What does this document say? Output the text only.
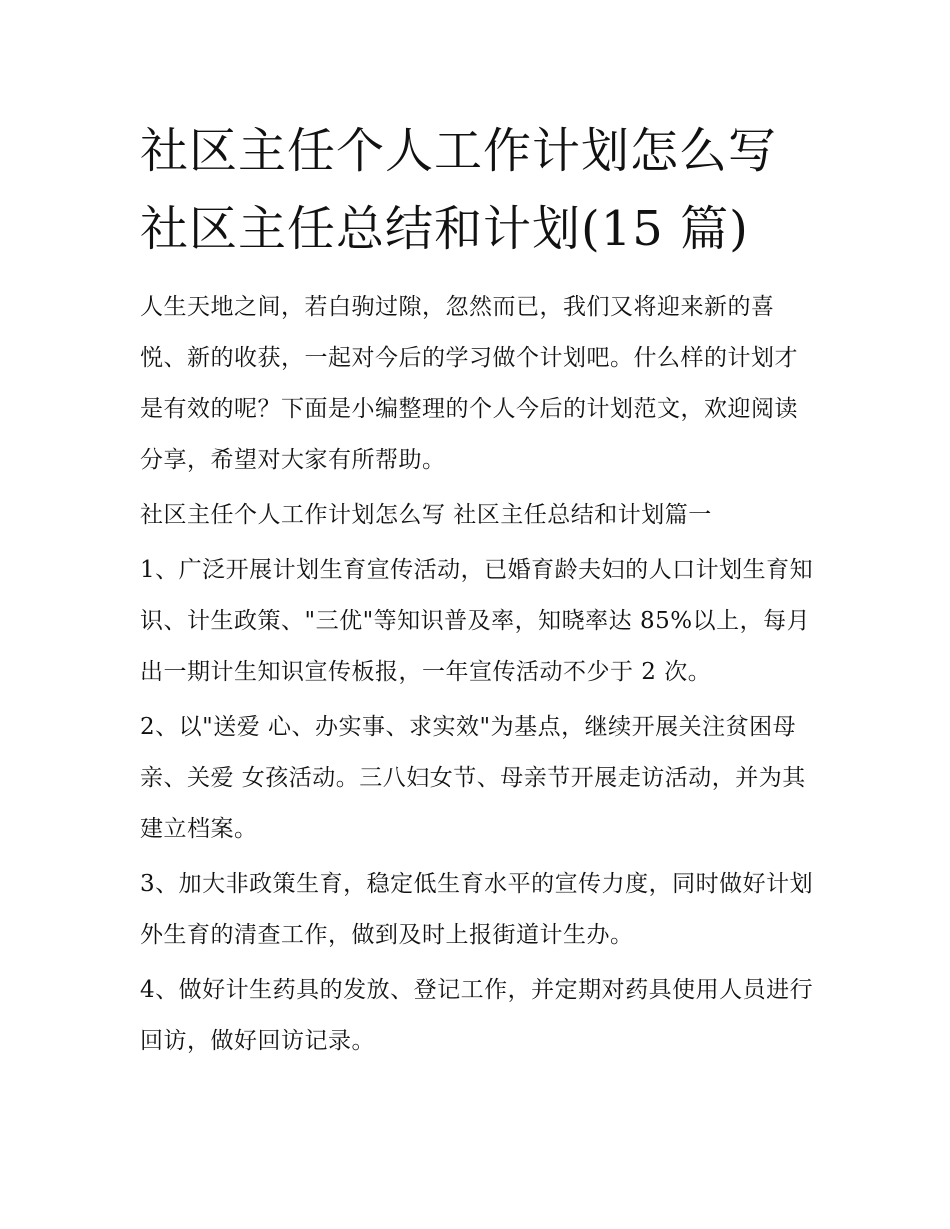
社区主任个人工作计划怎么写
社区主任总结和计划(15 篇)

人生天地之间，若白驹过隙，忽然而已，我们又将迎来新的喜悦、新的收获，一起对今后的学习做个计划吧。什么样的计划才是有效的呢？下面是小编整理的个人今后的计划范文，欢迎阅读分享，希望对大家有所帮助。

社区主任个人工作计划怎么写 社区主任总结和计划篇一

1、广泛开展计划生育宣传活动，已婚育龄夫妇的人口计划生育知识、计生政策、"三优"等知识普及率，知晓率达 85%以上，每月出一期计生知识宣传板报，一年宣传活动不少于 2 次。

2、以"送爱 心、办实事、求实效"为基点，继续开展关注贫困母亲、关爱 女孩活动。三八妇女节、母亲节开展走访活动，并为其建立档案。

3、加大非政策生育，稳定低生育水平的宣传力度，同时做好计划外生育的清查工作，做到及时上报街道计生办。

4、做好计生药具的发放、登记工作，并定期对药具使用人员进行回访，做好回访记录。
